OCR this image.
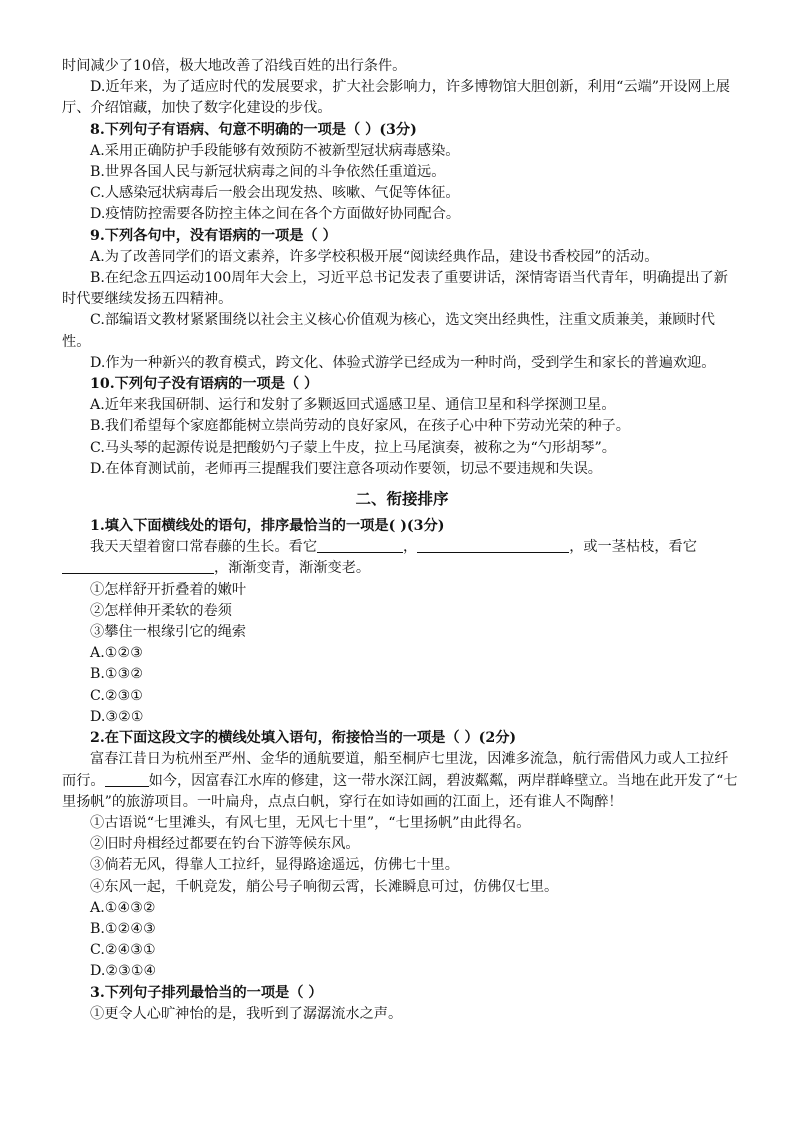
时间减少了10倍，极大地改善了沿线百姓的出行条件。

D.近年来，为了适应时代的发展要求，扩大社会影响力，许多博物馆大胆创新，利用“云端”开设网上展厅、介绍馆藏，加快了数字化建设的步伐。

8.下列句子有语病、句意不明确的一项是（ ）(3分)

A.采用正确防护手段能够有效预防不被新型冠状病毒感染。

B.世界各国人民与新冠状病毒之间的斗争依然任重道远。

C.人感染冠状病毒后一般会出现发热、咳嗽、气促等体征。

D.疫情防控需要各防控主体之间在各个方面做好协同配合。

9.下列各句中，没有语病的一项是（ ）

A.为了改善同学们的语文素养，许多学校积极开展“阅读经典作品，建设书香校园”的活动。

B.在纪念五四运动100周年大会上，习近平总书记发表了重要讲话，深情寄语当代青年，明确提出了新时代要继续发扬五四精神。

C.部编语文教材紧紧围绕以社会主义核心价值观为核心，选文突出经典性，注重文质兼美，兼顾时代性。

D.作为一种新兴的教育模式，跨文化、体验式游学已经成为一种时尚，受到学生和家长的普遍欢迎。

10.下列句子没有语病的一项是（ ）

A.近年来我国研制、运行和发射了多颗返回式遥感卫星、通信卫星和科学探测卫星。

B.我们希望每个家庭都能树立崇尚劳动的良好家风，在孩子心中种下劳动光荣的种子。

C.马头琴的起源传说是把酸奶勺子蒙上牛皮，拉上马尾演奏，被称之为“勺形胡琴”。

D.在体育测试前，老师再三提醒我们要注意各项动作要领，切忌不要违规和失误。

二、衔接排序

1.填入下面横线处的语句，排序最恰当的一项是( )(3分)

我天天望着窗口常春藤的生长。看它	，	，或一茎枯枝，看它，渐渐变青，渐渐变老。

①怎样舒开折叠着的嫩叶

②怎样伸开柔软的卷须

③攀住一根缘引它的绳索

A.①②③

B.①③②

C.②③①

D.③②①

2.在下面这段文字的横线处填入语句，衔接恰当的一项是（ ）(2分)

富春江昔日为杭州至严州、金华的通航要道，船至桐庐七里泷，因滩多流急，航行需借风力或人工拉纤而行。	如今，因富春江水库的修建，这一带水深江阔，碧波粼粼，两岸群峰壁立。当地在此开发了“七里扬帆”的旅游项目。一叶扁舟，点点白帆，穿行在如诗如画的江面上，还有谁人不陶醉！

①古语说“七里滩头，有风七里，无风七十里”，“七里扬帆”由此得名。

②旧时舟楫经过都要在钓台下游等候东风。

③倘若无风，得靠人工拉纤，显得路途遥远，仿佛七十里。

④东风一起，千帆竞发，艄公号子响彻云霄，长滩瞬息可过，仿佛仅七里。

A.①④③②

B.①②④③

C.②④③①

D.②③①④

3.下列句子排列最恰当的一项是（ ）

①更令人心旷神怡的是，我听到了潺潺流水之声。
